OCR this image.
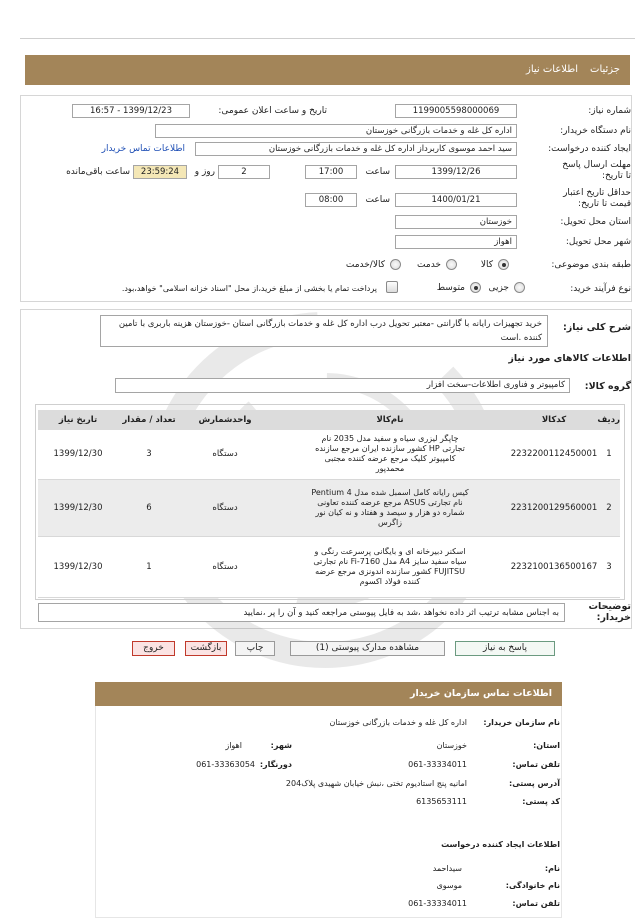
جزئیات
اطلاعات نیاز
شماره نیاز:
1199005598000069
تاریخ و ساعت اعلان عمومی:
1399/12/23 - 16:57
نام دستگاه خریدار:
اداره کل غله و خدمات بازرگانی خوزستان
ایجاد کننده درخواست:
سید احمد موسوی کاربرداز اداره کل غله و خدمات بازرگانی خوزستان
اطلاعات تماس خریدار
مهلت ارسال پاسخ تا تاریخ:
1399/12/26
ساعت
17:00
2
روز و
23:59:24
ساعت باقی‌مانده
حداقل تاریخ اعتبار قیمت تا تاریخ:
1400/01/21
ساعت
08:00
استان محل تحویل:
خوزستان
شهر محل تحویل:
اهواز
طبقه بندی موضوعی:
کالا
خدمت
کالا/خدمت
نوع فرآیند خرید:
جزیی
متوسط
پرداخت تمام یا بخشی از مبلغ خرید،از محل "اسناد خزانه اسلامی" خواهد،بود.
شرح کلی نیاز:
خرید تجهیزات رایانه با گارانتی -معتبر تحویل درب اداره کل غله و خدمات بازرگانی استان -خوزستان هزینه باربری با تامین کننده .است
اطلاعات کالاهای مورد نیاز
گروه کالا:
کامپیوتر و فناوری اطلاعات-سخت افزار
ردیف	کدکالا	نام‌کالا	واحدشمارش	تعداد / مقدار	تاریخ نیاز
1	2232200112450001	چاپگر لیزری سیاه و سفید مدل 2035 نام تجارتی HP کشور سازنده ایران مرجع سازنده کامپیوتر کلیک مرجع عرضه کننده مجتبی محمدپور	دستگاه	3	1399/12/30
2	2231200129560001	کیس رایانه کامل اسمبل شده مدل Pentium 4 نام تجارتی ASUS مرجع عرضه کننده تعاونی شماره دو هزار و سیصد و هفتاد و نه کیان نور زاگرس	دستگاه	6	1399/12/30
3	2232100136500167	اسکنر دبیرخانه ای و بایگانی پرسرعت رنگی و سیاه سفید سایز A4 مدل Fi-7160 نام تجارتی FUJITSU کشور سازنده اندونزی مرجع عرضه کننده فولاد اکسوم	دستگاه	1	1399/12/30
توضیحات خریدار:
به اجناس مشابه ترتیب اثر داده نخواهد ،شد به فایل پیوستی مراجعه کنید و آن را پر ،نمایید
پاسخ به نیاز
مشاهده مدارک پیوستی (1)
چاپ
بازگشت
خروج
اطلاعات تماس سازمان خریدار
نام سازمان خریدار:
اداره کل غله و خدمات بازرگانی خوزستان
استان:
خوزستان
شهر:
اهواز
تلفن تماس:
061-33334011
دورنگار:
061-33363054
آدرس پستی:
امانیه پنج استادیوم تختی ،نبش خیابان شهیدی پلاک204
کد پستی:
6135653111
اطلاعات ایجاد کننده درخواست
نام:
سیداحمد
نام خانوادگی:
موسوی
تلفن تماس:
061-33334011
